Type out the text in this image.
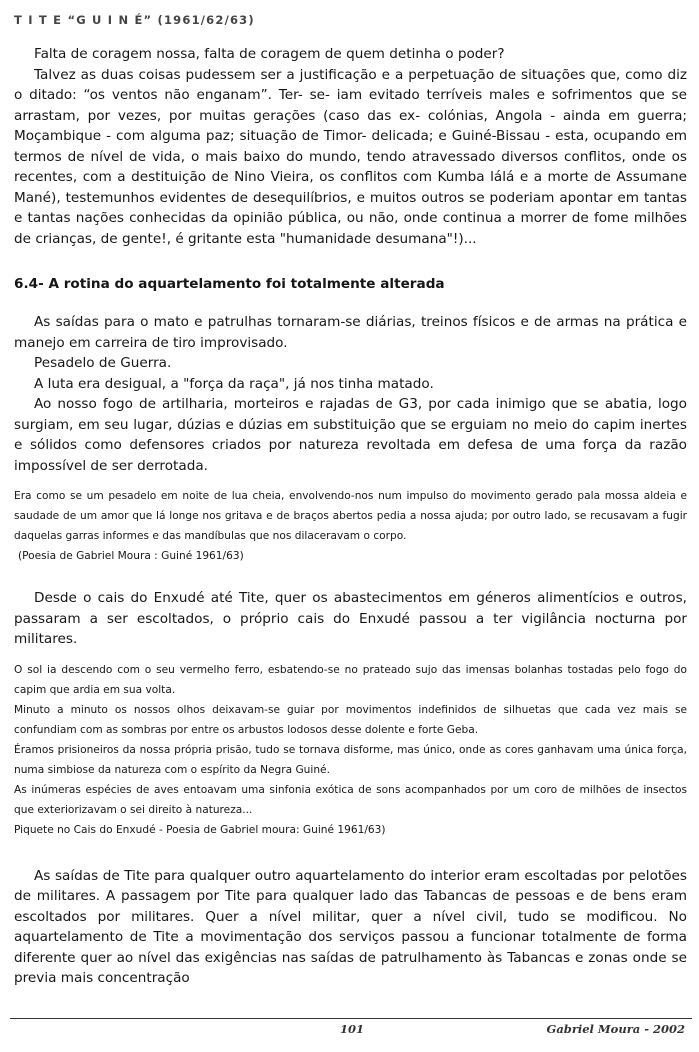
T I T E “G U I N É” (1961/62/63)

Falta de coragem nossa, falta de coragem de quem detinha o poder?

Talvez as duas coisas pudessem ser a justificação e a perpetuação de situações que, como diz o ditado: “os ventos não enganam”. Ter- se- iam evitado terríveis males e sofrimentos que se arrastam, por vezes, por muitas gerações (caso das ex- colónias, Angola - ainda em guerra; Moçambique - com alguma paz; situação de Timor- delicada; e Guiné-Bissau - esta, ocupando em termos de nível de vida, o mais baixo do mundo, tendo atravessado diversos conflitos, onde os recentes, com a destituição de Nino Vieira, os conflitos com Kumba lálá e a morte de Assumane Mané), testemunhos evidentes de desequilíbrios, e muitos outros se poderiam apontar em tantas e tantas nações conhecidas da opinião pública, ou não, onde continua a morrer de fome milhões de crianças, de gente!, é gritante esta "humanidade desumana"!)...

6.4- A rotina do aquartelamento foi totalmente alterada

As saídas para o mato e patrulhas tornaram-se diárias, treinos físicos e de armas na prática e manejo em carreira de tiro improvisado.

Pesadelo de Guerra.

A luta era desigual, a "força da raça", já nos tinha matado.

Ao nosso fogo de artilharia, morteiros e rajadas de G3, por cada inimigo que se abatia, logo surgiam, em seu lugar, dúzias e dúzias em substituição que se erguiam no meio do capim inertes e sólidos como defensores criados por natureza revoltada em defesa de uma força da razão impossível de ser derrotada.

Era como se um pesadelo em noite de lua cheia, envolvendo-nos num impulso do movimento gerado pala mossa aldeia e saudade de um amor que lá longe nos gritava e de braços abertos pedia a nossa ajuda; por outro lado, se recusavam a fugir daquelas garras informes e das mandíbulas que nos dilaceravam o corpo.

(Poesia de Gabriel Moura : Guiné 1961/63)

Desde o cais do Enxudé até Tite, quer os abastecimentos em géneros alimentícios e outros, passaram a ser escoltados, o próprio cais do Enxudé passou a ter vigilância nocturna por militares.

O sol ia descendo com o seu vermelho ferro, esbatendo-se no prateado sujo das imensas bolanhas tostadas pelo fogo do capim que ardia em sua volta.

Minuto a minuto os nossos olhos deixavam-se guiar por movimentos indefinidos de silhuetas que cada vez mais se confundiam com as sombras por entre os arbustos lodosos desse dolente e forte Geba.

Éramos prisioneiros da nossa própria prisão, tudo se tornava disforme, mas único, onde as cores ganhavam uma única força, numa simbiose da natureza com o espírito da Negra Guiné.

As inúmeras espécies de aves entoavam uma sinfonia exótica de sons acompanhados por um coro de milhões de insectos que exteriorizavam o sei direito à natureza...

Piquete no Cais do Enxudé - Poesia de Gabriel moura: Guiné 1961/63)

As saídas de Tite para qualquer outro aquartelamento do interior eram escoltadas por pelotões de militares. A passagem por Tite para qualquer lado das Tabancas de pessoas e de bens eram escoltados por militares. Quer a nível militar, quer a nível civil, tudo se modificou. No aquartelamento de Tite a movimentação dos serviços passou a funcionar totalmente de forma diferente quer ao nível das exigências nas saídas de patrulhamento às Tabancas e zonas onde se previa mais concentração

101	Gabriel Moura - 2002
